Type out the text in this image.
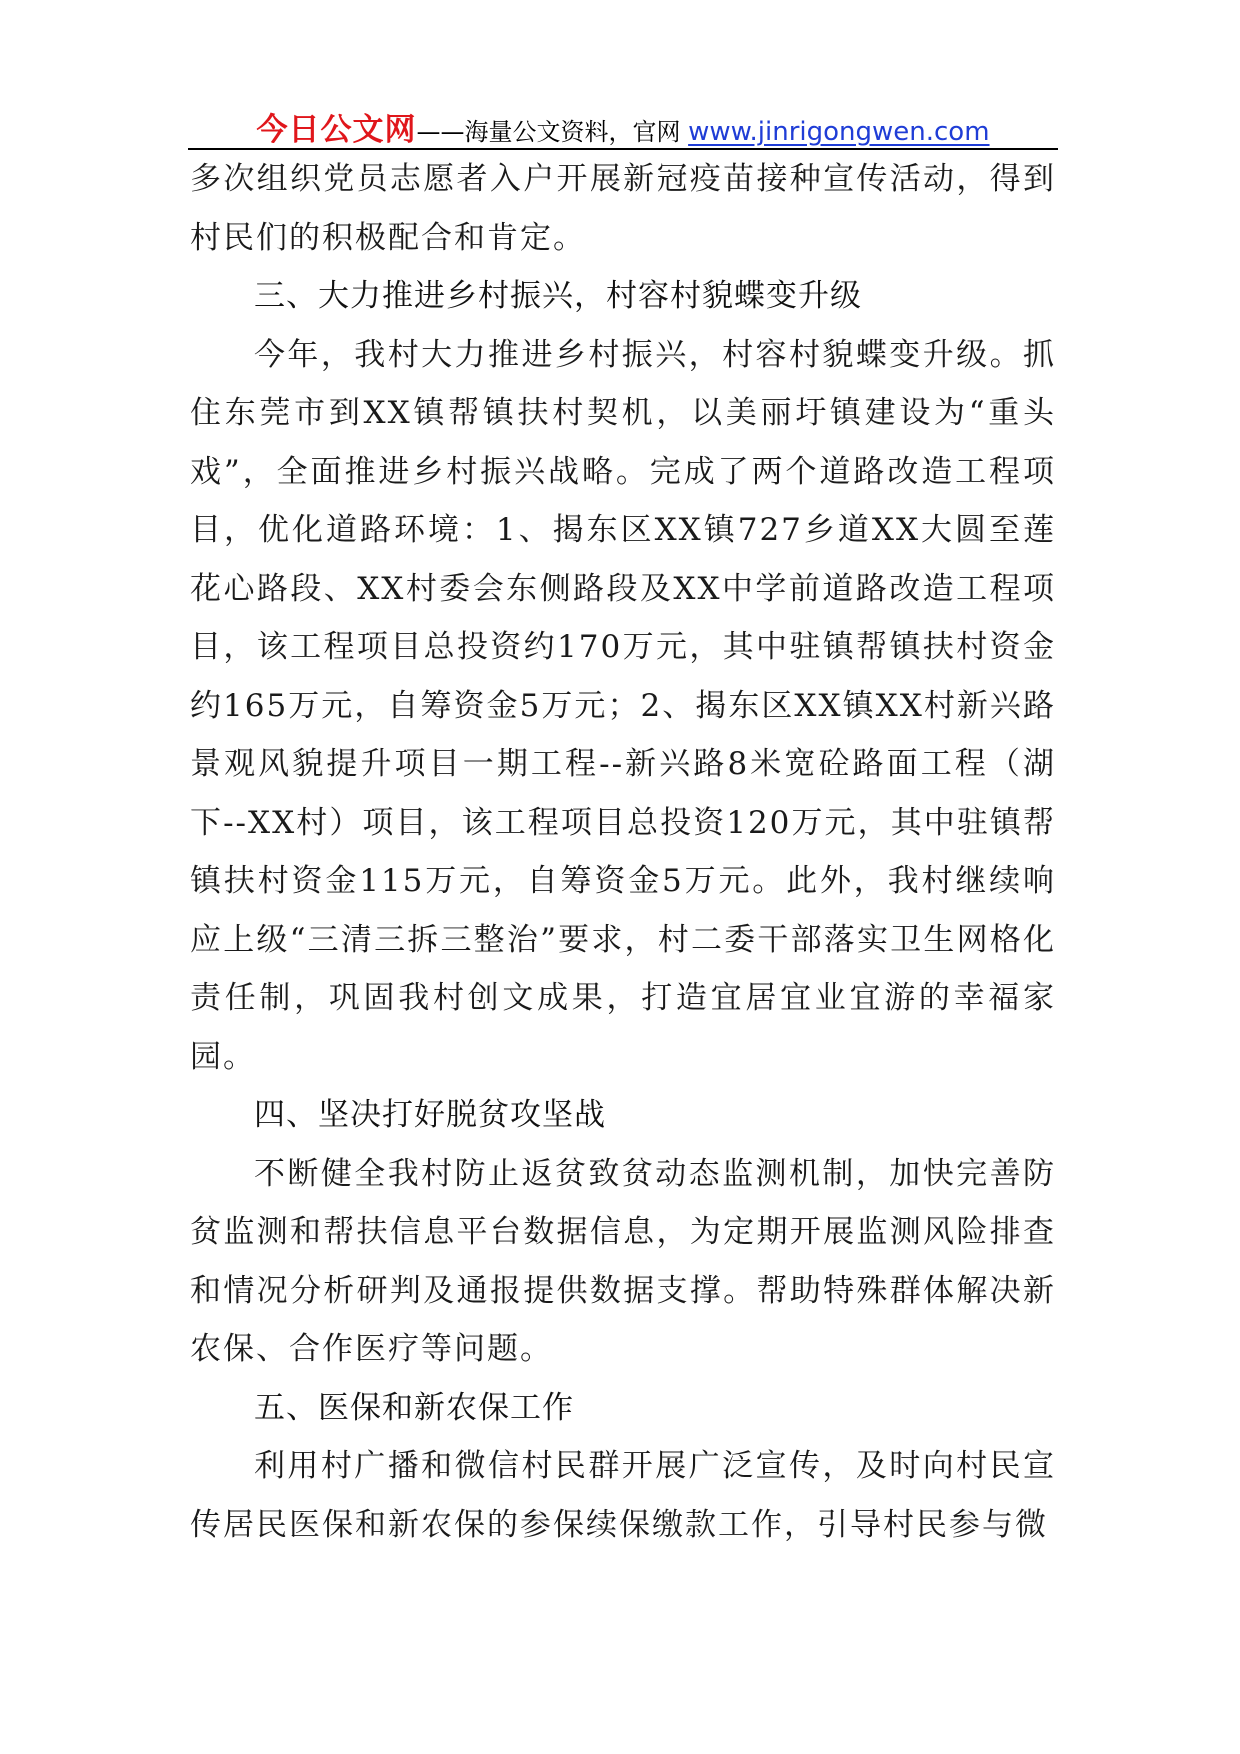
今日公文网——海量公文资料，官网 www.jinrigongwen.com

多次组织党员志愿者入户开展新冠疫苗接种宣传活动，得到村民们的积极配合和肯定。

三、大力推进乡村振兴，村容村貌蝶变升级

今年，我村大力推进乡村振兴，村容村貌蝶变升级。抓住东莞市到XX镇帮镇扶村契机，以美丽圩镇建设为“重头戏”，全面推进乡村振兴战略。完成了两个道路改造工程项目，优化道路环境：1、揭东区XX镇727乡道XX大圆至莲花心路段、XX村委会东侧路段及XX中学前道路改造工程项目，该工程项目总投资约170万元，其中驻镇帮镇扶村资金约165万元，自筹资金5万元；2、揭东区XX镇XX村新兴路景观风貌提升项目一期工程--新兴路8米宽砼路面工程（湖下--XX村）项目，该工程项目总投资120万元，其中驻镇帮镇扶村资金115万元，自筹资金5万元。此外，我村继续响应上级“三清三拆三整治”要求，村二委干部落实卫生网格化责任制，巩固我村创文成果，打造宜居宜业宜游的幸福家园。

四、坚决打好脱贫攻坚战

不断健全我村防止返贫致贫动态监测机制，加快完善防贫监测和帮扶信息平台数据信息，为定期开展监测风险排查和情况分析研判及通报提供数据支撑。帮助特殊群体解决新农保、合作医疗等问题。

五、医保和新农保工作

利用村广播和微信村民群开展广泛宣传，及时向村民宣传居民医保和新农保的参保续保缴款工作，引导村民参与微
